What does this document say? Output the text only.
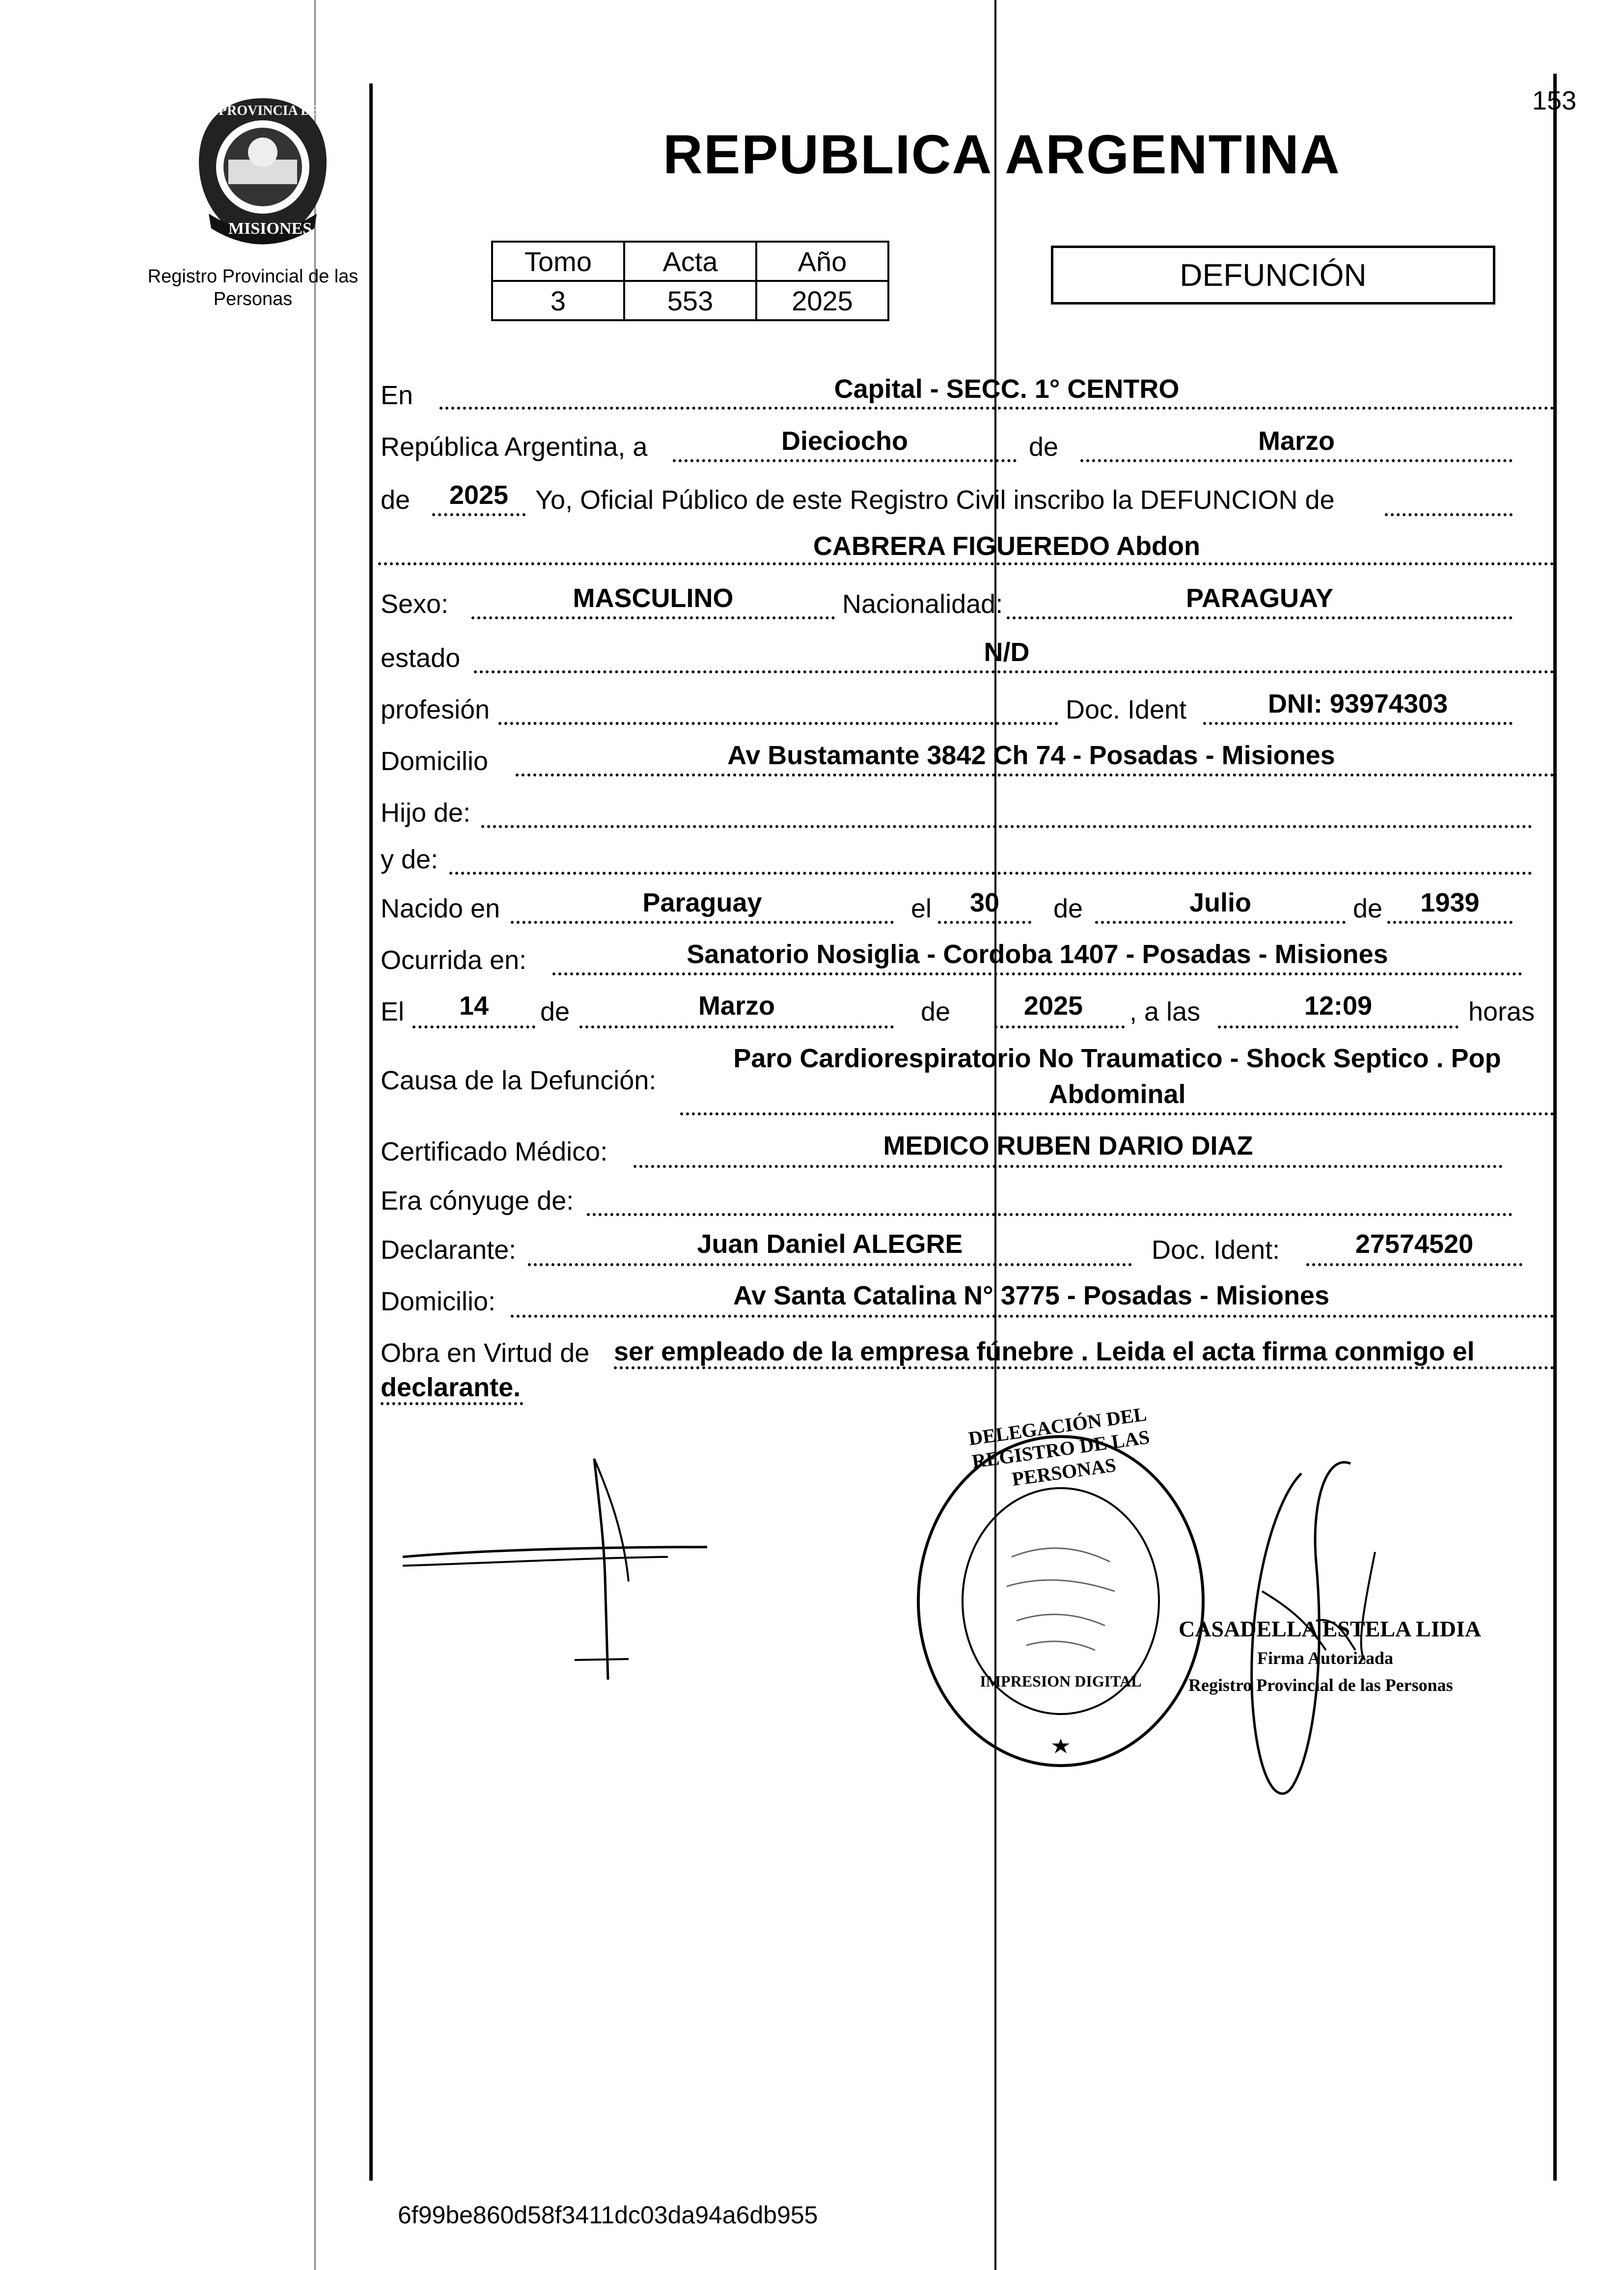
PROVINCIA DE
MISIONES
Registro Provincial de las Personas
153
REPUBLICA ARGENTINA
Tomo	Acta	Año
3	553	2025
DEFUNCIÓN
En	Capital - SECC. 1° CENTRO
República Argentina, a	Dieciocho	de	Marzo
de	2025	Yo, Oficial Público de este Registro Civil inscribo la DEFUNCION de
CABRERA FIGUEREDO Abdon
Sexo:	MASCULINO	Nacionalidad:	PARAGUAY
estado	N/D
profesión	Doc. Ident	DNI: 93974303
Domicilio	Av Bustamante 3842 Ch 74 - Posadas - Misiones
Hijo de:
y de:
Nacido en	Paraguay	el	30	de	Julio	de	1939
Ocurrida en:	Sanatorio Nosiglia - Cordoba 1407 - Posadas - Misiones
El	14	de	Marzo	de	2025	, a las	12:09	horas
Causa de la Defunción:
Paro Cardiorespiratorio No Traumatico - Shock Septico . Pop
Abdominal
Certificado Médico:	MEDICO RUBEN DARIO DIAZ
Era cónyuge de:
Declarante:	Juan Daniel ALEGRE	Doc. Ident:	27574520
Domicilio:	Av Santa Catalina N° 3775 - Posadas - Misiones
Obra en Virtud de ser empleado de la empresa fúnebre . Leida el acta firma conmigo el
declarante.
DELEGACIÓN DEL REGISTRO DE LAS PERSONAS
IMPRESION DIGITAL
CASADELLA ESTELA LIDIA
Firma Autorizada
Registro Provincial de las Personas
6f99be860d58f3411dc03da94a6db955
